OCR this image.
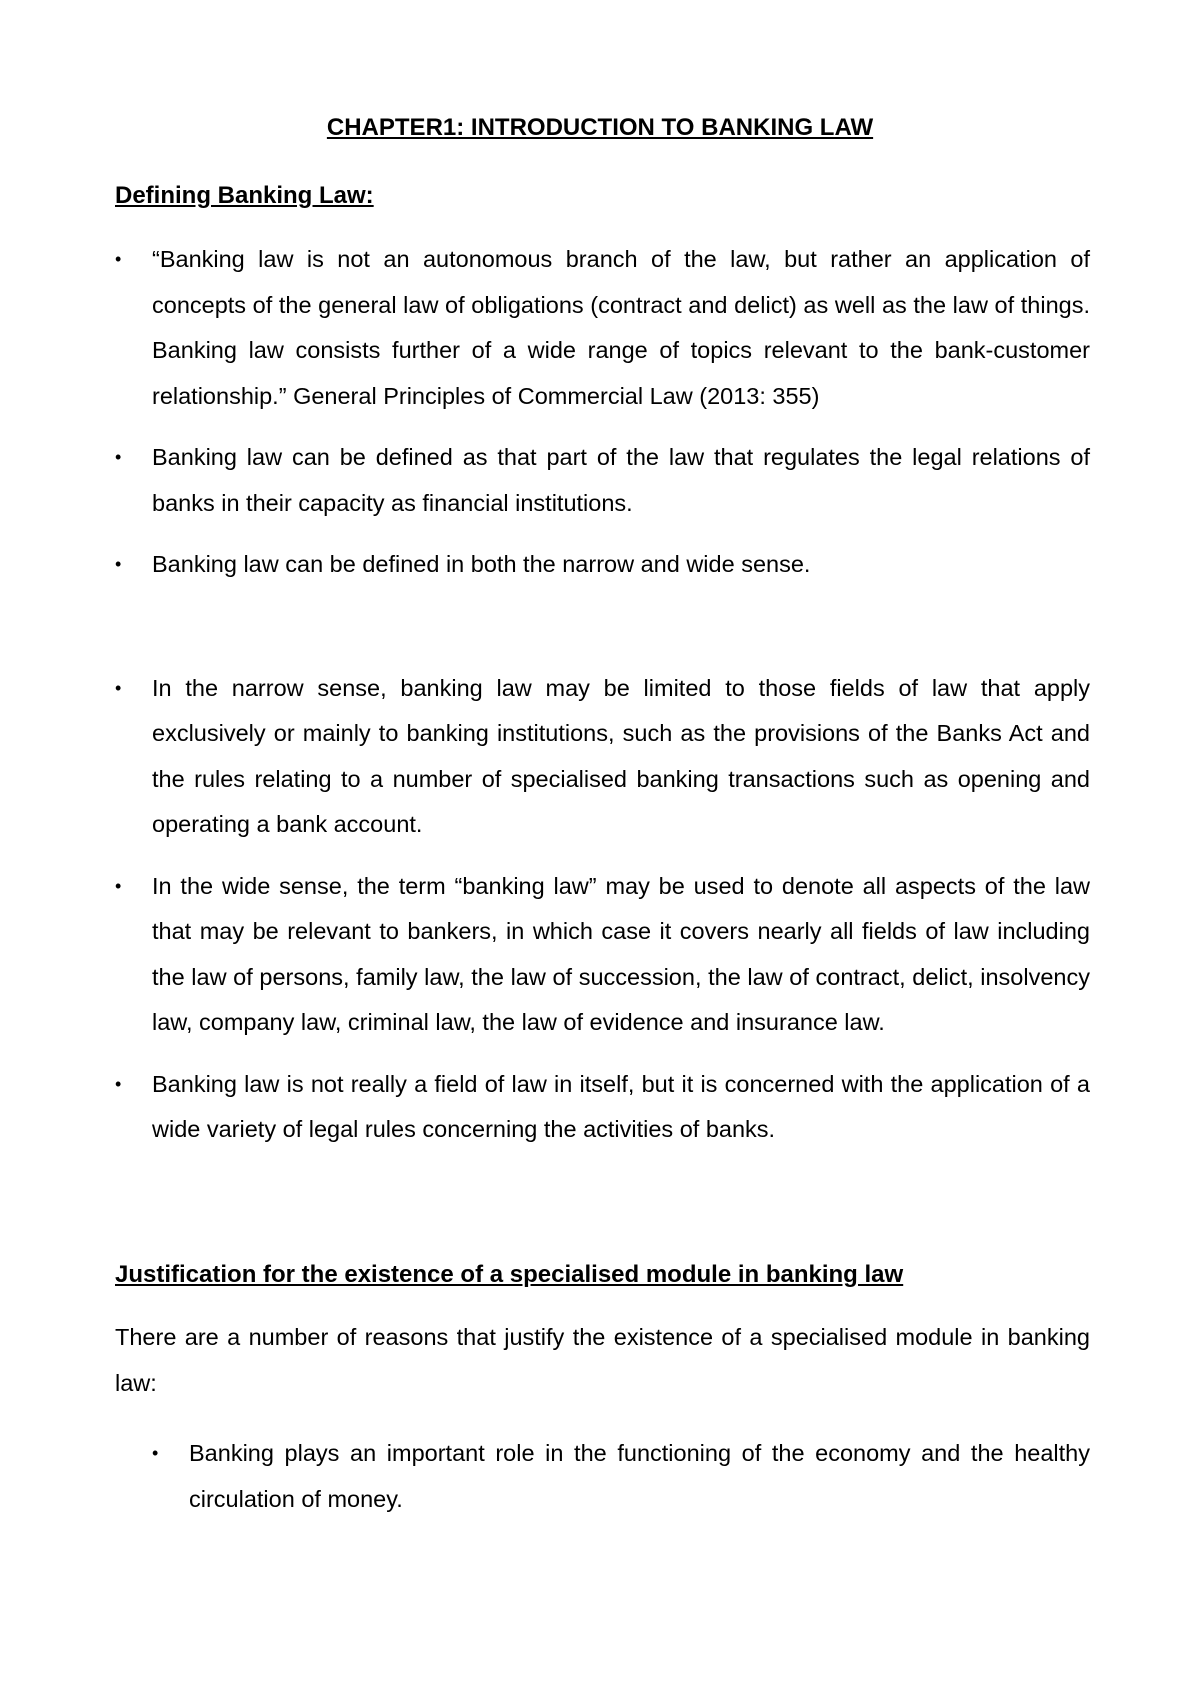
CHAPTER1: INTRODUCTION TO BANKING LAW
Defining Banking Law:
• “Banking law is not an autonomous branch of the law, but rather an application of concepts of the general law of obligations (contract and delict) as well as the law of things. Banking law consists further of a wide range of topics relevant to the bank-customer relationship.” General Principles of Commercial Law (2013: 355)
• Banking law can be defined as that part of the law that regulates the legal relations of banks in their capacity as financial institutions.
• Banking law can be defined in both the narrow and wide sense.
• In the narrow sense, banking law may be limited to those fields of law that apply exclusively or mainly to banking institutions, such as the provisions of the Banks Act and the rules relating to a number of specialised banking transactions such as opening and operating a bank account.
• In the wide sense, the term “banking law” may be used to denote all aspects of the law that may be relevant to bankers, in which case it covers nearly all fields of law including the law of persons, family law, the law of succession, the law of contract, delict, insolvency law, company law, criminal law, the law of evidence and insurance law.
• Banking law is not really a field of law in itself, but it is concerned with the application of a wide variety of legal rules concerning the activities of banks.
Justification for the existence of a specialised module in banking law

There are a number of reasons that justify the existence of a specialised module in banking law:

• Banking plays an important role in the functioning of the economy and the healthy circulation of money.
